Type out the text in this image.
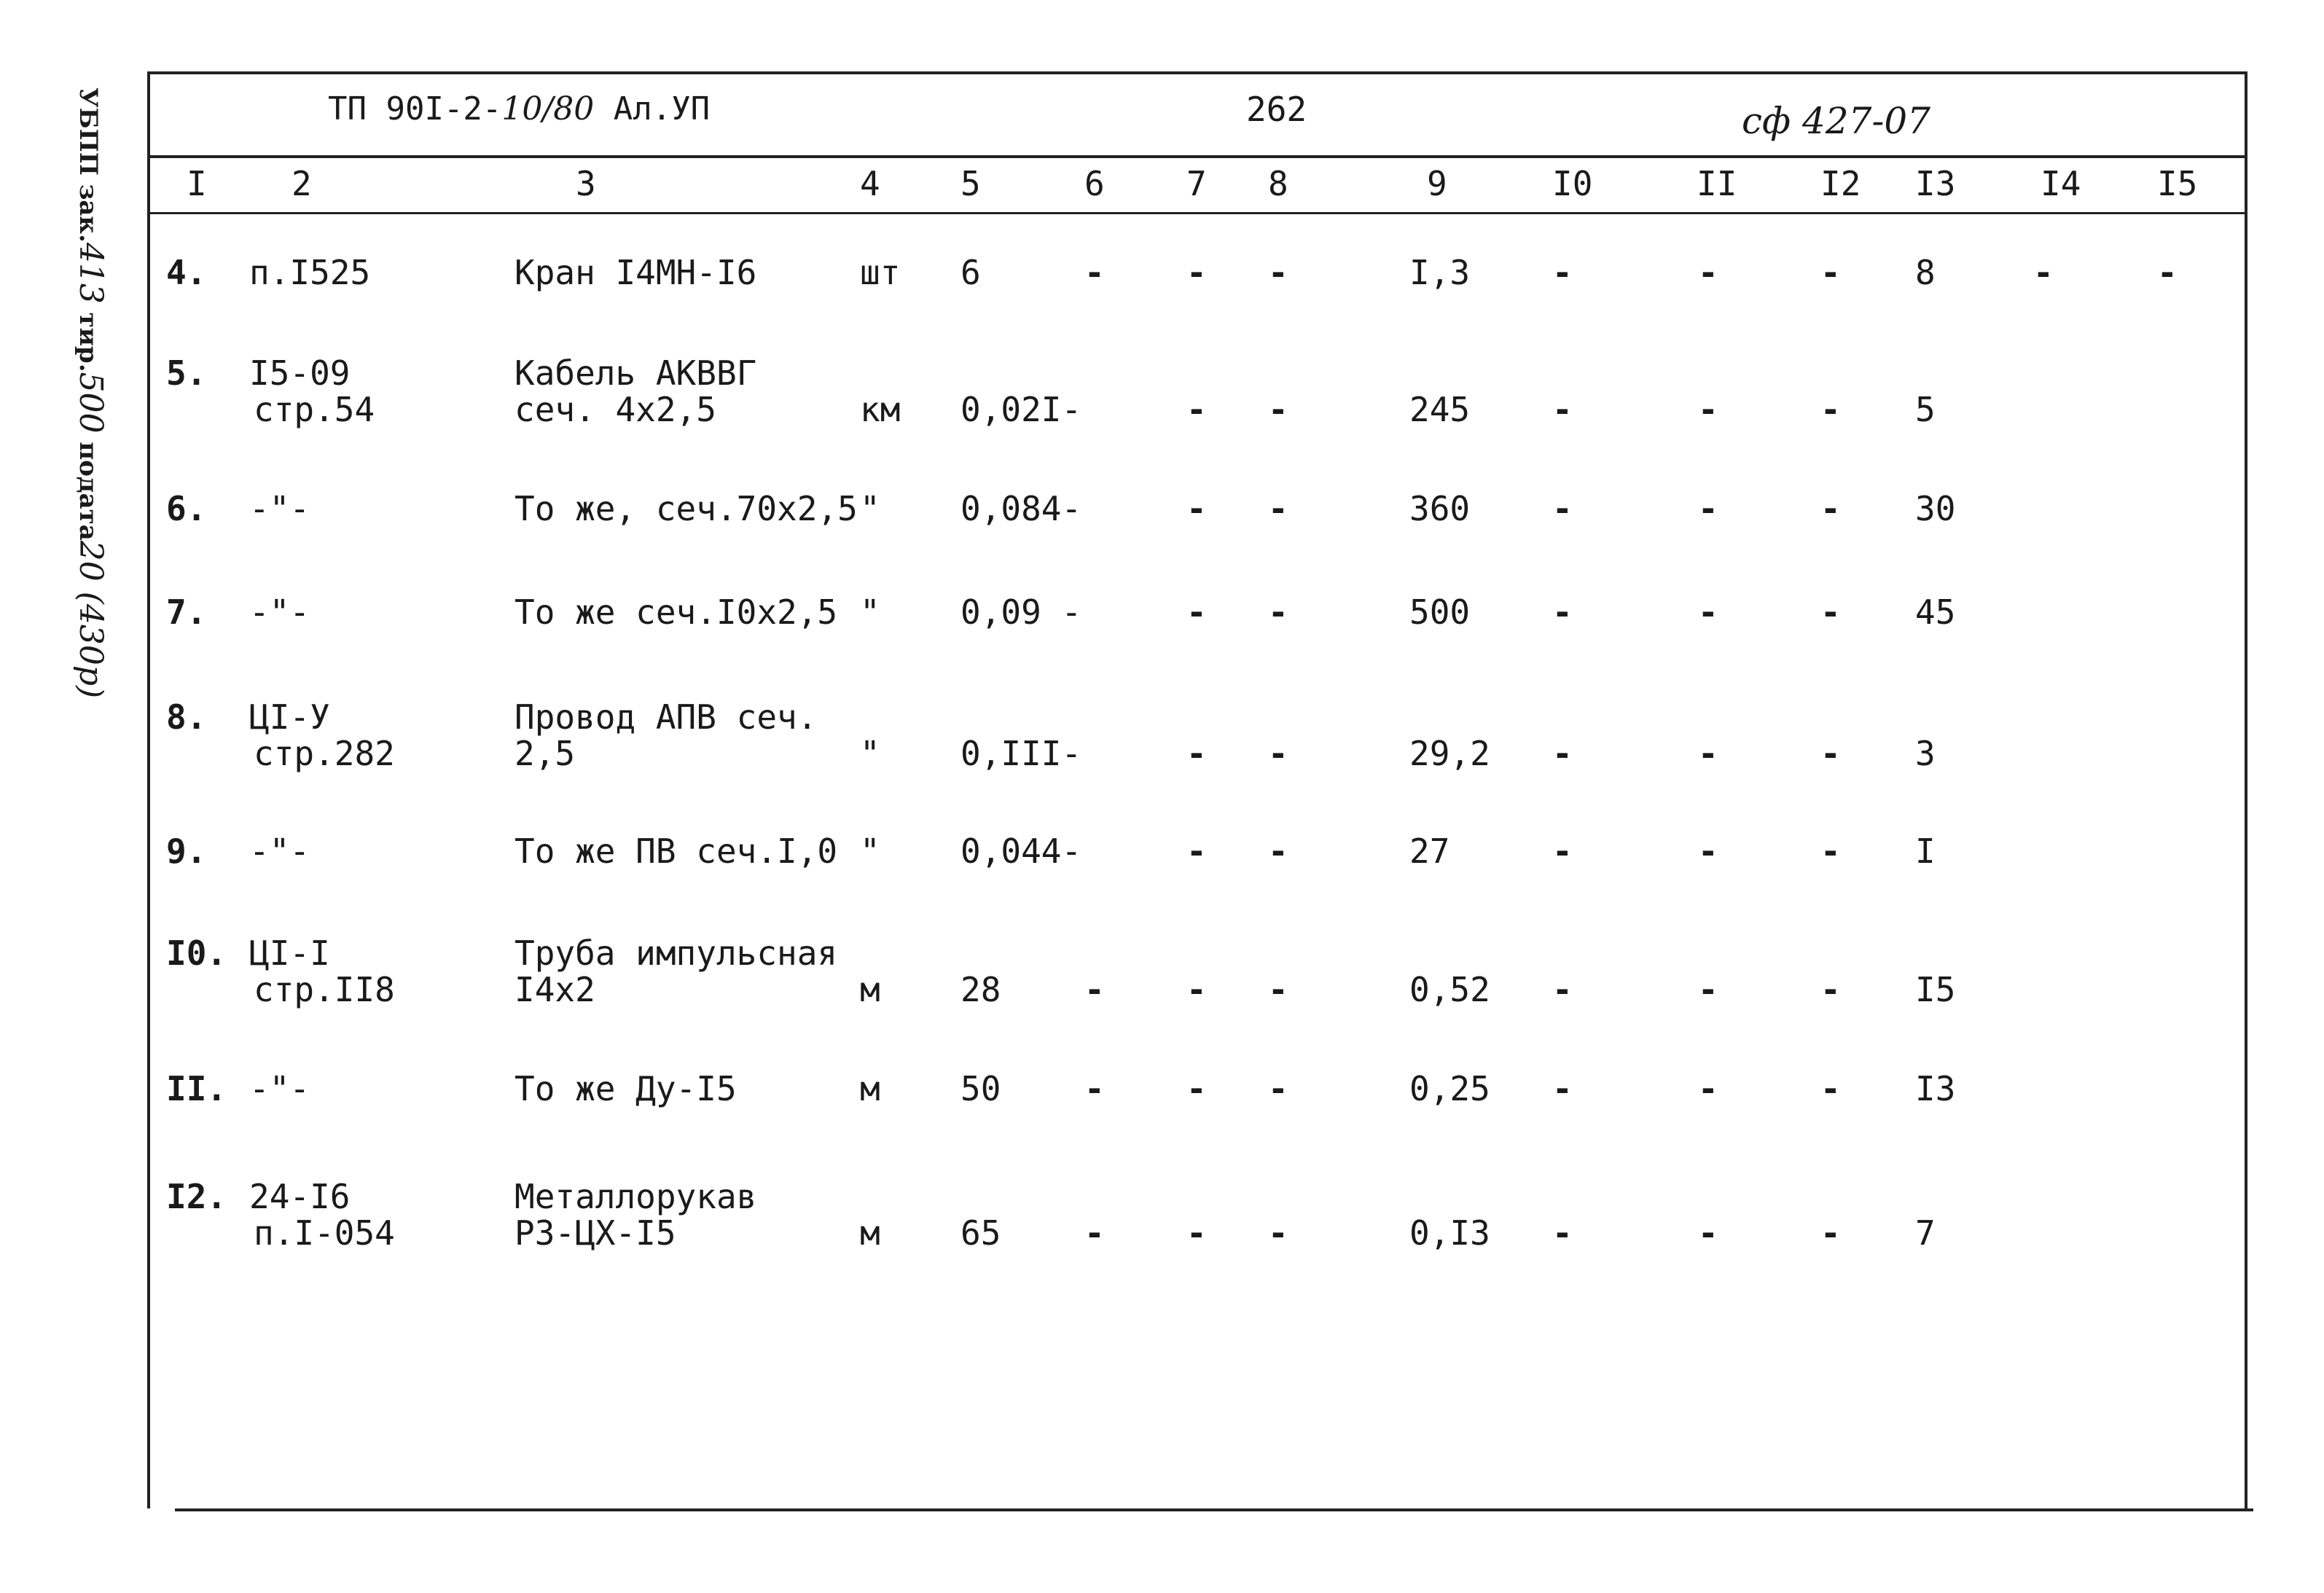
УБПП зак.413 тир.500 подата20 (430р)
ТП 90I-2-10/80 Ал.УП	262	сф 427-07
I	2	3	4 5	6 7 8	9	I0	II I2 I3	I4 I5
4. п.I525	Кран I4МН-I6	шт 6	- - -	I,3 -	-	- 8	-	-
5. I5-09
стр.54
Кабель АКВВГ
сеч. 4х2,5	км 0,02I-	- -	245 -	-	- 5
6. -"-	То же, сеч.70х2,5 " 0,084-	- -	360 -	-	- 30
7. -"-	То же сеч.I0х2,5 " 0,09 -	- -	500 -	-	- 45
8. ЦI-У
стр.282
Провод АПВ сеч.
2,5	" 0,III-	- -	29,2 -	-	- 3
9. -"-	То же ПВ сеч.I,0 " 0,044-	- -	27	-	-	- I
I0. ЦI-I
стр.II8
Труба импульсная
I4х2	м 28 - - -	0,52 -	-	- I5
II. -"-	То же Ду-I5	м 50 - - -	0,25 -	-	- I3
I2. 24-I6
п.I-054
Металлорукав
РЗ-ЦХ-I5	м 65 - - -	0,I3 -	-	- 7
